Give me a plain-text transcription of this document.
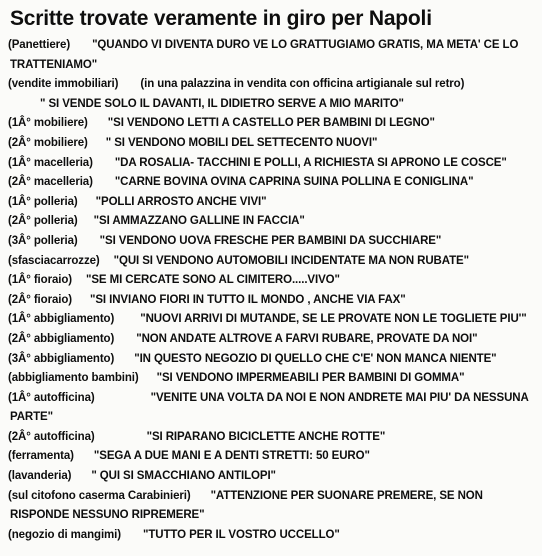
Scritte trovate veramente in giro per Napoli
(Panettiere) "QUANDO VI DIVENTA DURO VE LO GRATTUGIAMO GRATIS, MA META' CE LO
TRATTENIAMO"
(vendite immobiliari) (in una palazzina in vendita con officina artigianale sul retro)
" SI VENDE SOLO IL DAVANTI, IL DIDIETRO SERVE A MIO MARITO"
(1Â° mobiliere) "SI VENDONO LETTI A CASTELLO PER BAMBINI DI LEGNO"
(2Â° mobiliere) " SI VENDONO MOBILI DEL SETTECENTO NUOVI"
(1Â° macelleria) "DA ROSALIA- TACCHINI E POLLI, A RICHIESTA SI APRONO LE COSCE"
(2Â° macelleria) "CARNE BOVINA OVINA CAPRINA SUINA POLLINA E CONIGLINA"
(1Â° polleria) "POLLI ARROSTO ANCHE VIVI"
(2Â° polleria) "SI AMMAZZANO GALLINE IN FACCIA"
(3Â° polleria) "SI VENDONO UOVA FRESCHE PER BAMBINI DA SUCCHIARE"
(sfasciacarrozze) "QUI SI VENDONO AUTOMOBILI INCIDENTATE MA NON RUBATE"
(1Â° fioraio) "SE MI CERCATE SONO AL CIMITERO.....VIVO"
(2Â° fioraio) "SI INVIANO FIORI IN TUTTO IL MONDO , ANCHE VIA FAX"
(1Â° abbigliamento) "NUOVI ARRIVI DI MUTANDE, SE LE PROVATE NON LE TOGLIETE PIU'"
(2Â° abbigliamento) "NON ANDATE ALTROVE A FARVI RUBARE, PROVATE DA NOI"
(3Â° abbigliamento) "IN QUESTO NEGOZIO DI QUELLO CHE C'E' NON MANCA NIENTE"
(abbigliamento bambini) "SI VENDONO IMPERMEABILI PER BAMBINI DI GOMMA"
(1Â° autofficina)	"VENITE UNA VOLTA DA NOI E NON ANDRETE MAI PIU' DA NESSUNA
PARTE"
(2Â° autofficina)	"SI RIPARANO BICICLETTE ANCHE ROTTE"
(ferramenta) "SEGA A DUE MANI E A DENTI STRETTI: 50 EURO"
(lavanderia) " QUI SI SMACCHIANO ANTILOPI"
(sul citofono caserma Carabinieri) "ATTENZIONE PER SUONARE PREMERE, SE NON
RISPONDE NESSUNO RIPREMERE"
(negozio di mangimi) "TUTTO PER IL VOSTRO UCCELLO"
